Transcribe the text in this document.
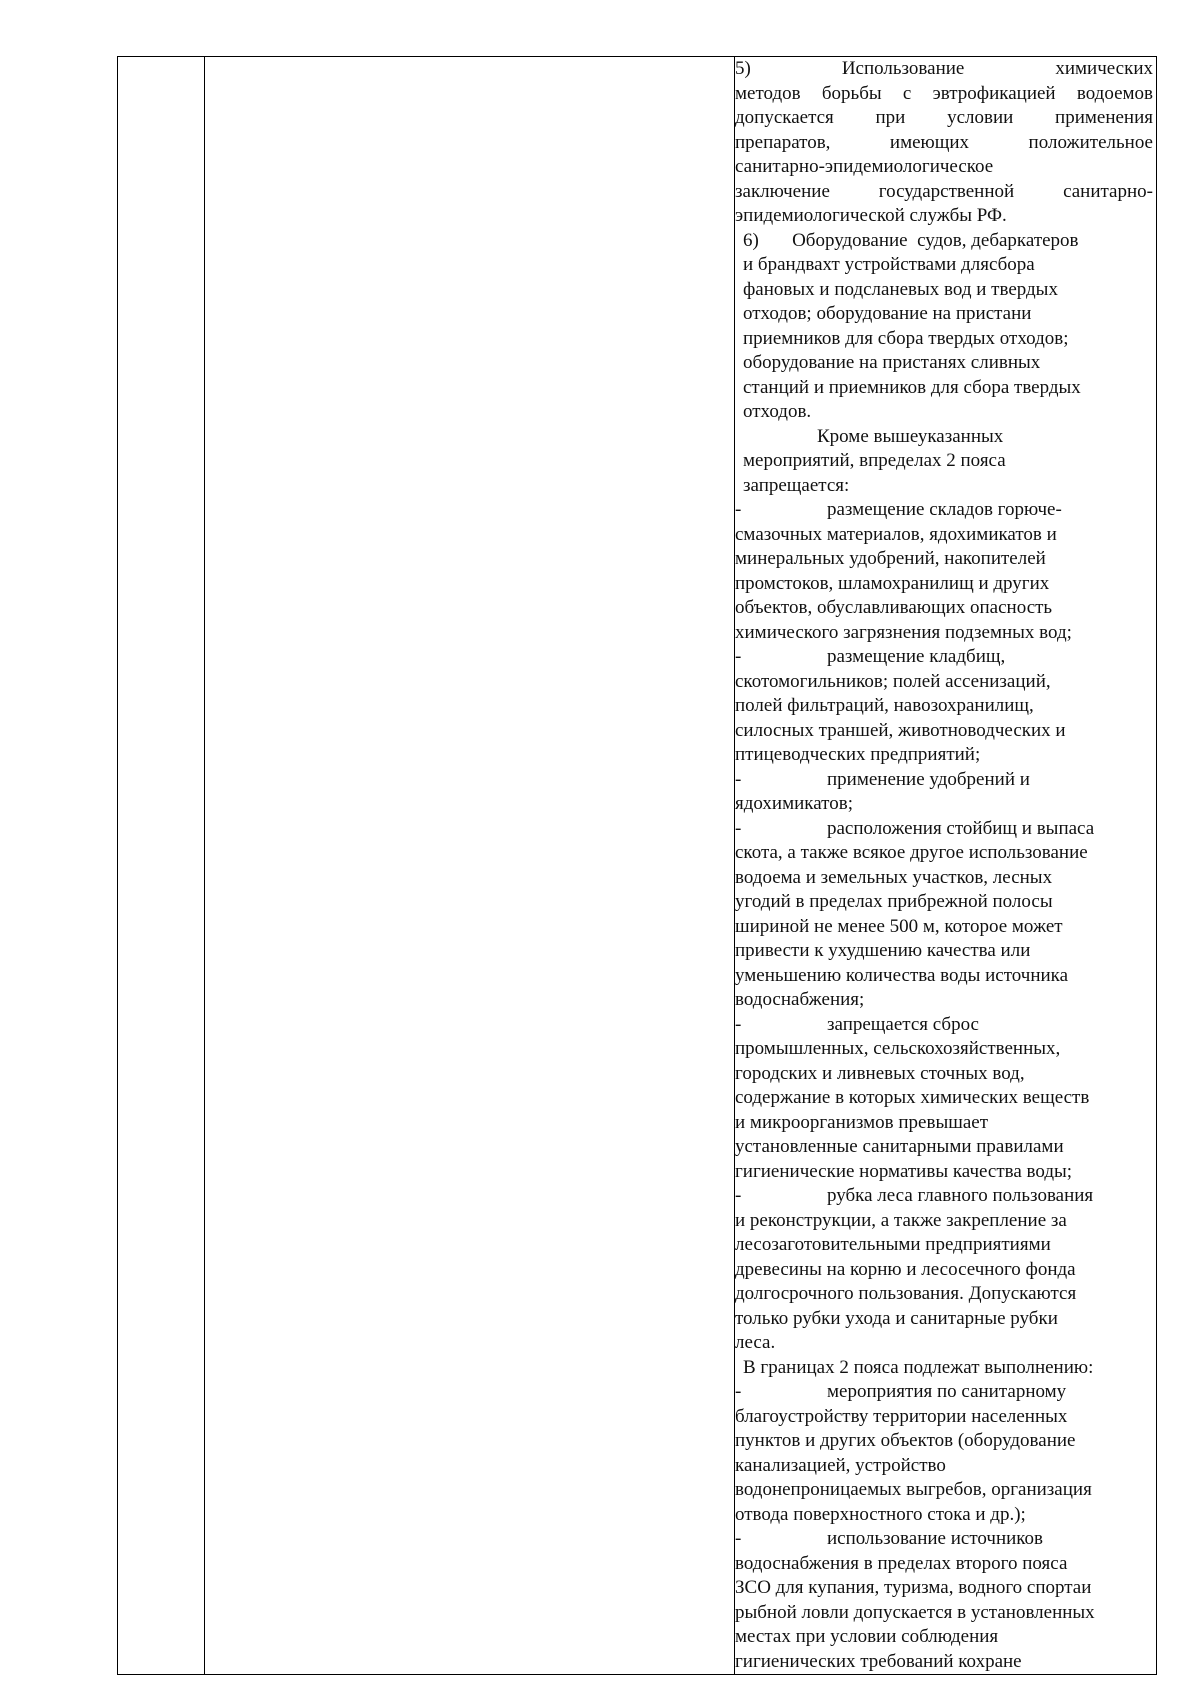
5) Использование химических

методов борьбы с эвтрофикацией водоемов

допускается при условии применения

препаратов, имеющих положительное

санитарно-эпидемиологическое

заключение государственной санитарно-

эпидемиологической службы РФ.

6)       Оборудование  судов, дебаркатеров

и брандвахт устройствами длясбора

фановых и подсланевых вод и твердых

отходов; оборудование на пристани

приемников для сбора твердых отходов;

оборудование на пристанях сливных

станций и приемников для сбора твердых

отходов.

Кроме вышеуказанных

мероприятий, впределах 2 пояса

запрещается:

-	размещение складов горюче-

смазочных материалов, ядохимикатов и

минеральных удобрений, накопителей

промстоков, шламохранилищ и других

объектов, обуславливающих опасность

химического загрязнения подземных вод;

-	размещение кладбищ,

скотомогильников; полей ассенизаций,

полей фильтраций, навозохранилищ,

силосных траншей, животноводческих и

птицеводческих предприятий;

-	применение удобрений и

ядохимикатов;

-	расположения стойбищ и выпаса

скота, а также всякое другое использование

водоема и земельных участков, лесных

угодий в пределах прибрежной полосы

шириной не менее 500 м, которое может

привести к ухудшению качества или

уменьшению количества воды источника

водоснабжения;

-	запрещается сброс

промышленных, сельскохозяйственных,

городских и ливневых сточных вод,

содержание в которых химических веществ

и микроорганизмов превышает

установленные санитарными правилами

гигиенические нормативы качества воды;

-	рубка леса главного пользования

и реконструкции, а также закрепление за

лесозаготовительными предприятиями

древесины на корню и лесосечного фонда

долгосрочного пользования. Допускаются

только рубки ухода и санитарные рубки

леса.

В границах 2 пояса подлежат выполнению:

-	мероприятия по санитарному

благоустройству территории населенных

пунктов и других объектов (оборудование

канализацией, устройство

водонепроницаемых выгребов, организация

отвода поверхностного стока и др.);

-	использование источников

водоснабжения в пределах второго пояса

ЗСО для купания, туризма, водного спортаи

рыбной ловли допускается в установленных

местах при условии соблюдения

гигиенических требований кохране
